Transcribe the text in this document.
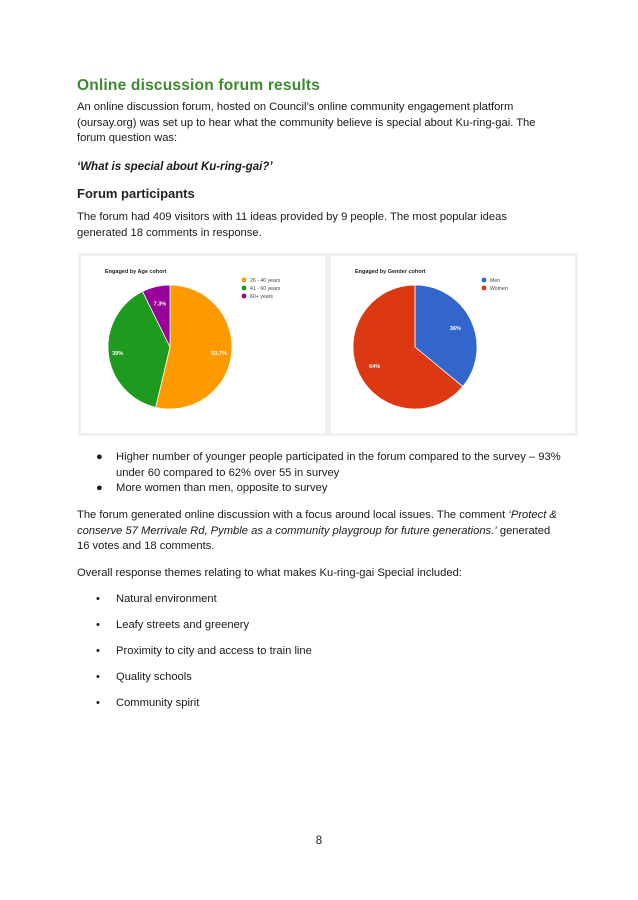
Online discussion forum results
An online discussion forum, hosted on Council’s online community engagement platform (oursay.org) was set up to hear what the community believe is special about Ku-ring-gai. The forum question was:
‘What is special about Ku-ring-gai?’
Forum participants
The forum had 409 visitors with 11 ideas provided by 9 people. The most popular ideas generated 18 comments in response.
Engaged by Age cohort
53.7%
39%
7.3%
26 - 40 years
41 - 60 years
60+ years
Engaged by Gender cohort
36%
64%
Men
Women
● Higher number of younger people participated in the forum compared to the survey – 93% under 60 compared to 62% over 55 in survey
● More women than men, opposite to survey
The forum generated online discussion with a focus around local issues. The comment ‘Protect & conserve 57 Merrivale Rd, Pymble as a community playgroup for future generations.’ generated 16 votes and 18 comments.
Overall response themes relating to what makes Ku-ring-gai Special included:
• Natural environment
• Leafy streets and greenery
• Proximity to city and access to train line
• Quality schools
• Community spirit
8
